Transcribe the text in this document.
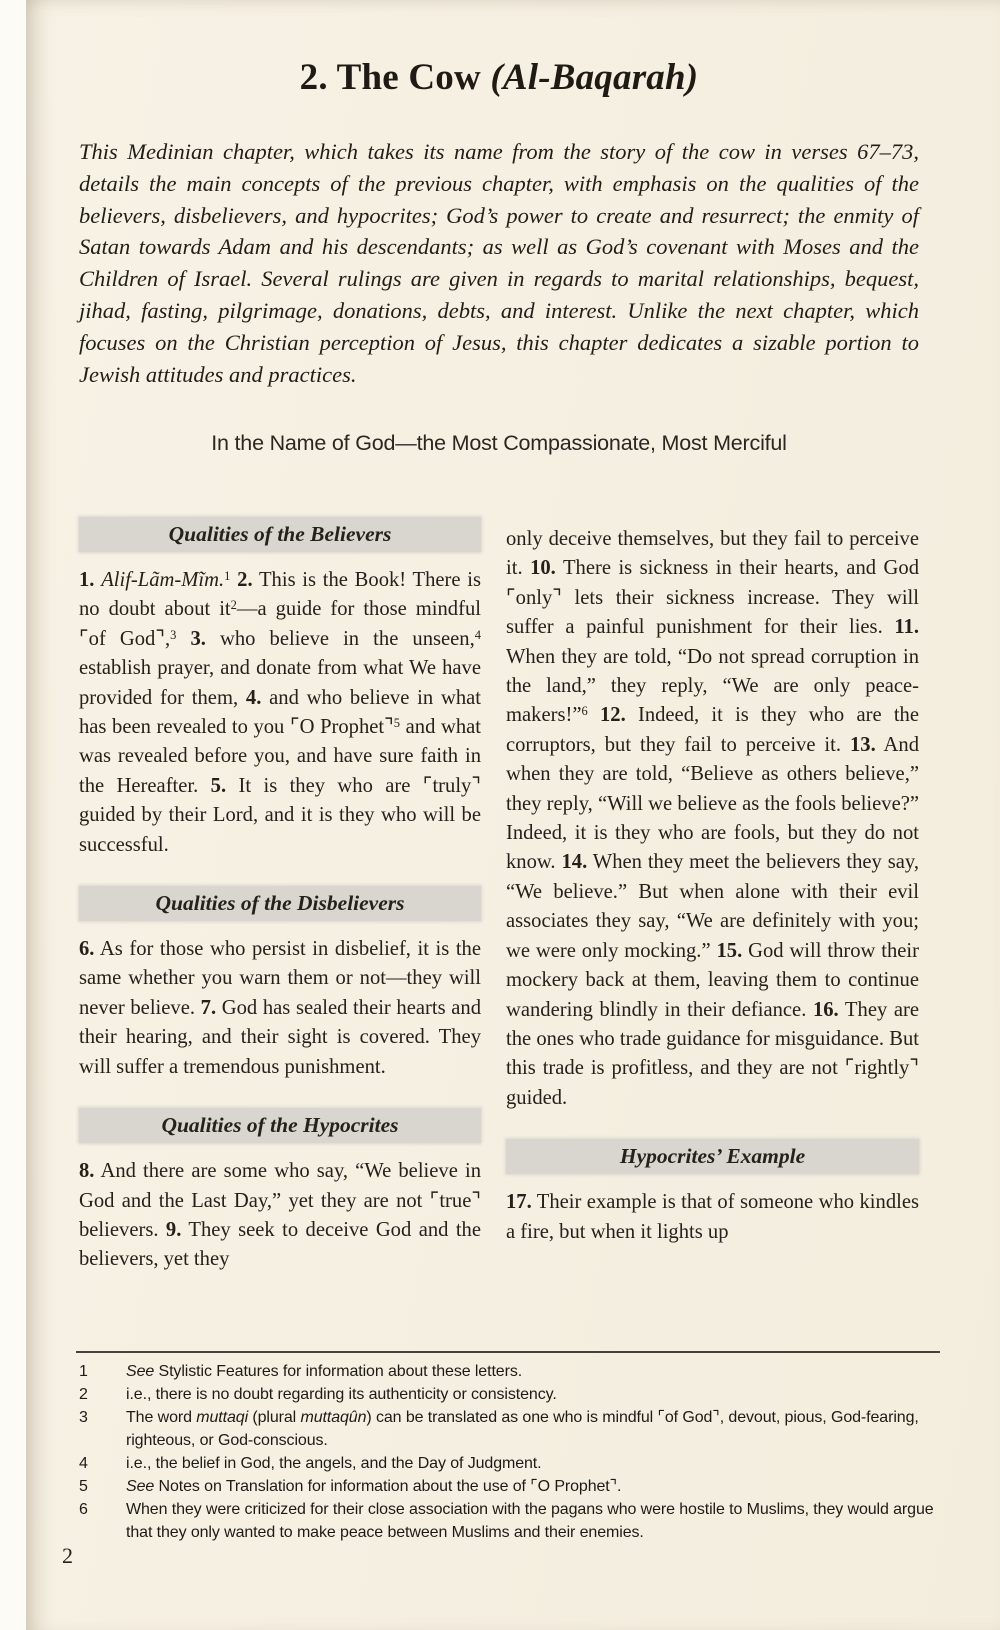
2. The Cow (Al-Baqarah)

This Medinian chapter, which takes its name from the story of the cow in verses 67–73, details the main concepts of the previous chapter, with emphasis on the qualities of the believers, disbelievers, and hypocrites; God’s power to create and resurrect; the enmity of Satan towards Adam and his descendants; as well as God’s covenant with Moses and the Children of Israel. Several rulings are given in regards to marital relationships, bequest, jihad, fasting, pilgrimage, donations, debts, and interest. Unlike the next chapter, which focuses on the Christian perception of Jesus, this chapter dedicates a sizable portion to Jewish attitudes and practices.

In the Name of God—the Most Compassionate, Most Merciful
Qualities of the Believers

1. Alif-Lãm-Mĩm.$^1$ 2. This is the Book! There is no doubt about $it^2—a$ guide for those mindful ⌜of God⌝,$^3$ 3. who believe in the unseen,$^4$ establish prayer, and donate from what We have provided for them, 4. and who believe in what has been revealed to you ⌜O Prophet⌝$^5$ and what was revealed before you, and have sure faith in the Hereafter. 5. It is they who are ⌜truly⌝ guided by their Lord, and it is they who will be successful.

Qualities of the Disbelievers

6. As for those who persist in disbelief, it is the same whether you warn them or not—they will never believe. 7. God has sealed their hearts and their hearing, and their sight is covered. They will suffer a tremendous punishment.

Qualities of the Hypocrites

8. And there are some who say, “We believe in God and the Last Day,” yet they are not ⌜true⌝ believers. 9. They seek to deceive God and the believers, yet they

only deceive themselves, but they fail to perceive it. 10. There is sickness in their hearts, and God ⌜only⌝ lets their sickness increase. They will suffer a painful punishment for their lies. 11. When they are told, “Do not spread corruption in the land,” they reply, “We are only peace-makers!”$^6$ 12. Indeed, it is they who are the corruptors, but they fail to perceive it. 13. And when they are told, “Believe as others believe,” they reply, “Will we believe as the fools believe?” Indeed, it is they who are fools, but they do not know. 14. When they meet the believers they say, “We believe.” But when alone with their evil associates they say, “We are definitely with you; we were only mocking.” 15. God will throw their mockery back at them, leaving them to continue wandering blindly in their defiance. 16. They are the ones who trade guidance for misguidance. But this trade is profitless, and they are not ⌜rightly⌝ guided.

Hypocrites’ Example

17. Their example is that of someone who kindles a fire, but when it lights up

1	See Stylistic Features for information about these letters.
2	i.e., there is no doubt regarding its authenticity or consistency.
3	The word muttaqi (plural muttaqûn) can be translated as one who is mindful ⌜of God⌝, devout, pious, God-fearing, righteous, or God-conscious.
4	i.e., the belief in God, the angels, and the Day of Judgment.
5	See Notes on Translation for information about the use of ⌜O Prophet⌝.
6	When they were criticized for their close association with the pagans who were hostile to Muslims, they would argue that they only wanted to make peace between Muslims and their enemies.
2
